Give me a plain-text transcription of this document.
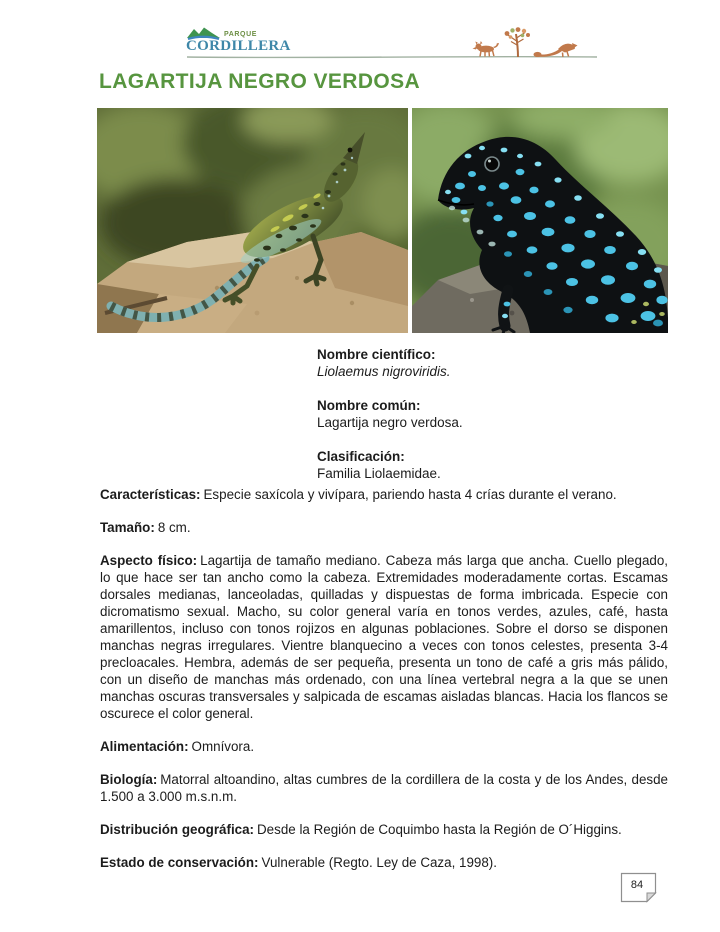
PARQUE
CORDILLERA
LAGARTIJA NEGRO VERDOSA
Nombre científico:
Liolaemus nigroviridis.
Nombre común:
Lagartija negro verdosa.
Clasificación:
Familia Liolaemidae.

Características: Especie saxícola y vivípara, pariendo hasta 4 crías durante el verano.

Tamaño: 8 cm.

Aspecto físico: Lagartija de tamaño mediano. Cabeza más larga que ancha. Cuello plegado, lo que hace ser tan ancho como la cabeza. Extremidades moderadamente cortas. Escamas dorsales medianas, lanceoladas, quilladas y dispuestas de forma imbricada. Especie con dicromatismo sexual. Macho, su color general varía en tonos verdes, azules, café, hasta amarillentos, incluso con tonos rojizos en algunas poblaciones. Sobre el dorso se disponen manchas negras irregulares. Vientre blanquecino a veces con tonos celestes, presenta 3-4 precloacales. Hembra, además de ser pequeña, presenta un tono de café a gris más pálido, con un diseño de manchas más ordenado, con una línea vertebral negra a la que se unen manchas oscuras transversales y salpicada de escamas aisladas blancas. Hacia los flancos se oscurece el color general.

Alimentación: Omnívora.

Biología: Matorral altoandino, altas cumbres de la cordillera de la costa y de los Andes, desde 1.500 a 3.000 m.s.n.m.

Distribución geográfica: Desde la Región de Coquimbo hasta la Región de O´Higgins.

Estado de conservación: Vulnerable (Regto. Ley de Caza, 1998).

84
